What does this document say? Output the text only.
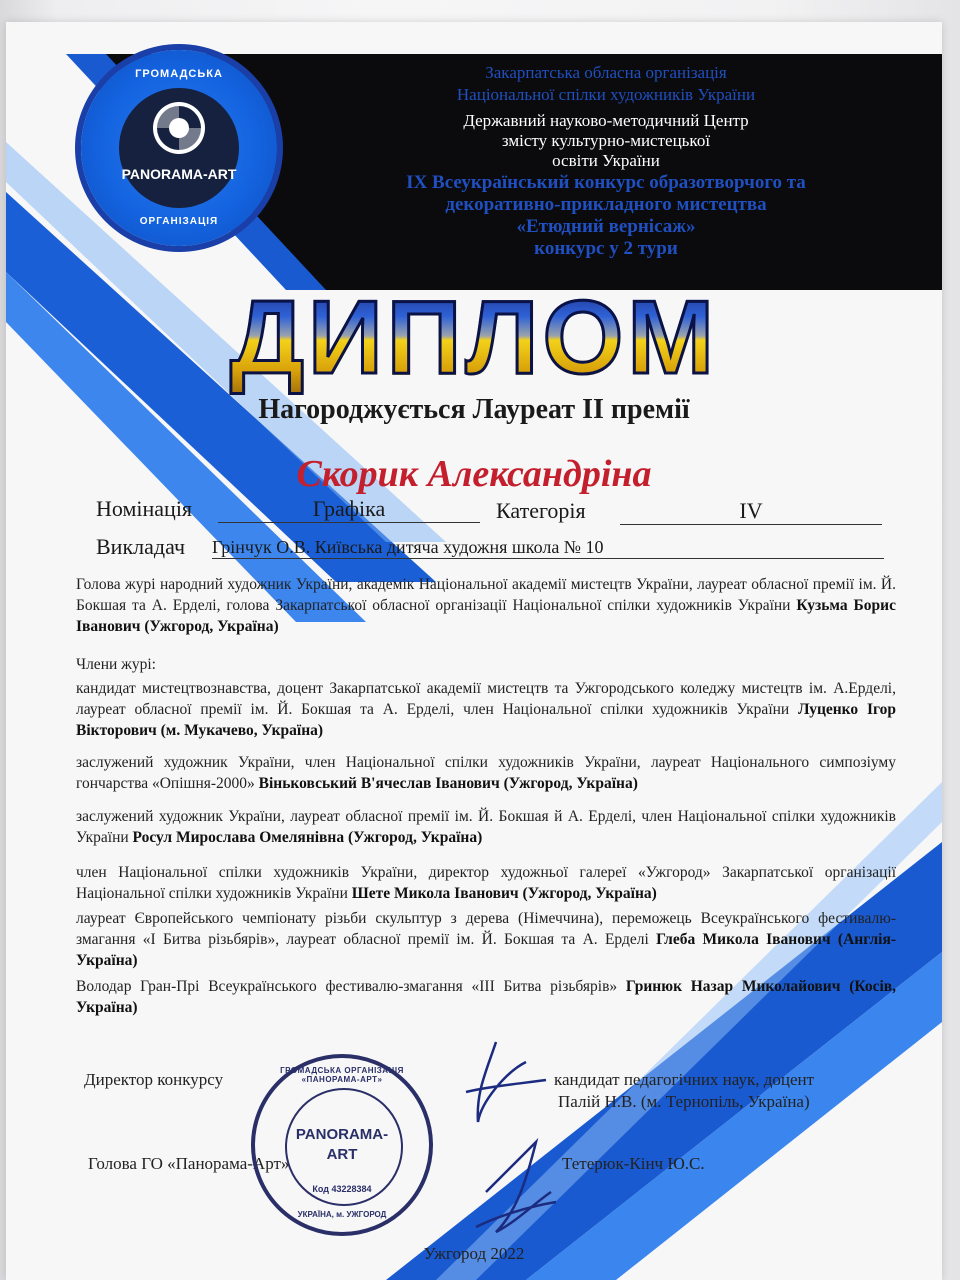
ГРОМАДСЬКА
PANORAMA-ART
ОРГАНІЗАЦІЯ
Закарпатська обласна організація
Національної спілки художників України
Державний науково-методичний Центр
змісту культурно-мистецької
освіти України
IX Всеукраїнський конкурс образотворчого та
декоративно-прикладного мистецтва
«Етюдний вернісаж»
конкурс у 2 тури
ДИПЛОМ
Нагороджується Лауреат ІІ премії
Скорик Александріна
Номінація	Графіка	Категорія	IV
Викладач Грінчук О.В. Київська дитяча художня школа № 10
Голова журі народний художник України, академік Національної академії мистецтв України, лауреат обласної премії ім. Й. Бокшая та А. Ерделі, голова Закарпатської обласної організації Національної спілки художників України Кузьма Борис Іванович (Ужгород, Україна)
Члени журі:
кандидат мистецтвознавства, доцент Закарпатської академії мистецтв та Ужгородського коледжу мистецтв ім. А.Ерделі, лауреат обласної премії ім. Й. Бокшая та А. Ерделі, член Національної спілки художників України Луценко Ігор Вікторович (м. Мукачево, Україна)
заслужений художник України, член Національної спілки художників України, лауреат Національного симпозіуму гончарства «Опішня-2000» Віньковський В'ячеслав Іванович (Ужгород, Україна)
заслужений художник України, лауреат обласної премії ім. Й. Бокшая й А. Ерделі, член Національної спілки художників України Росул Мирослава Омелянівна (Ужгород, Україна)
член Національної спілки художників України, директор художньої галереї «Ужгород» Закарпатської організації Національної спілки художників України Шете Микола Іванович (Ужгород, Україна)
лауреат Європейського чемпіонату різьби скульптур з дерева (Німеччина), переможець Всеукраїнського фестивалю-змагання «І Битва різьбярів», лауреат обласної премії ім. Й. Бокшая та А. Ерделі Глеба Микола Іванович (Англія-Україна)
Володар Гран-Прі Всеукраїнського фестивалю-змагання «ІІІ Битва різьбярів» Гринюк Назар Миколайович (Косів, Україна)
Директор конкурсу	кандидат педагогічних наук, доцент
Палій Н.В. (м. Тернопіль, Україна)
Голова ГО «Панорама-Арт»	Тетерюк-Кінч Ю.С.
ГРОМАДСЬКА ОРГАНІЗАЦІЯ «ПАНОРАМА-АРТ»
PANORAMA-
ART
Код 43228384
УКРАЇНА, м. УЖГОРОД
Ужгород 2022
